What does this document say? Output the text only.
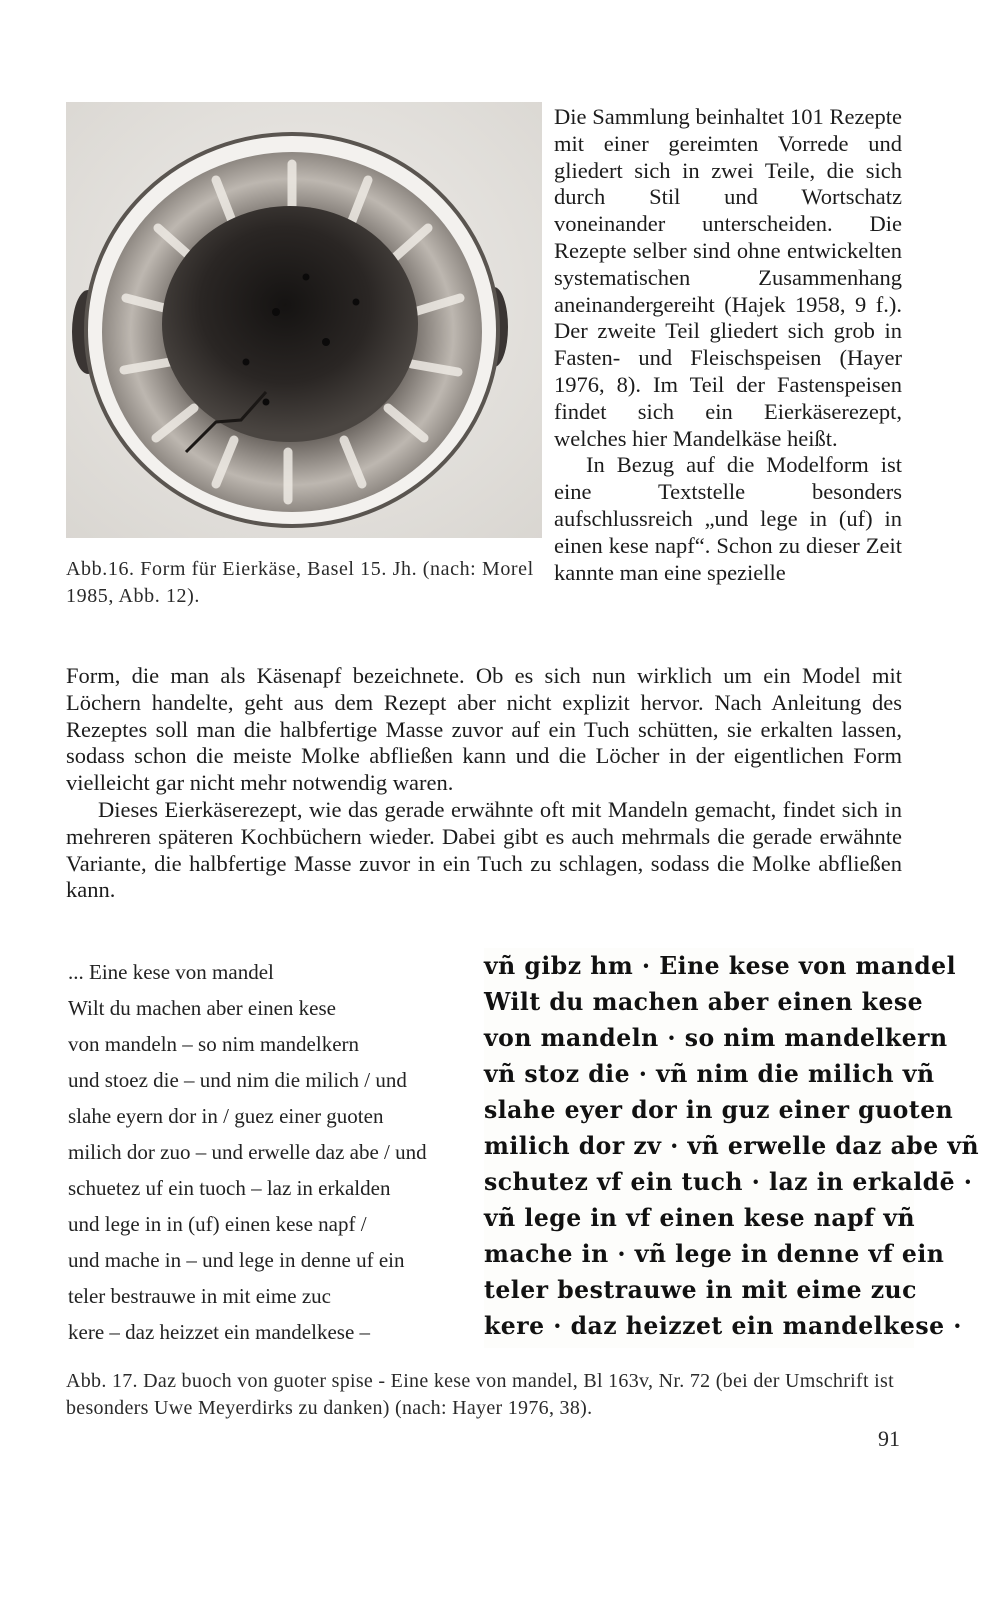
Abb.16. Form für Eierkäse, Basel 15. Jh. (nach: Morel 1985, Abb. 12).

Die Sammlung beinhaltet 101 Rezepte mit einer gereimten Vorrede und gliedert sich in zwei Teile, die sich durch Stil und Wortschatz voneinander unterscheiden. Die Rezepte selber sind ohne entwickelten systematischen Zusammenhang aneinandergereiht (Hajek 1958, 9 f.). Der zweite Teil gliedert sich grob in Fasten- und Fleischspeisen (Hayer 1976, 8). Im Teil der Fastenspeisen findet sich ein Eierkäserezept, welches hier Mandelkäse heißt.

In Bezug auf die Modelform ist eine Textstelle besonders aufschlussreich „und lege in (uf) in einen kese napf“. Schon zu dieser Zeit kannte man eine spezielle

Form, die man als Käsenapf bezeichnete. Ob es sich nun wirklich um ein Model mit Löchern handelte, geht aus dem Rezept aber nicht explizit hervor. Nach Anleitung des Rezeptes soll man die halbfertige Masse zuvor auf ein Tuch schütten, sie erkalten lassen, sodass schon die meiste Molke abfließen kann und die Löcher in der eigentlichen Form vielleicht gar nicht mehr notwendig waren.

Dieses Eierkäserezept, wie das gerade erwähnte oft mit Mandeln gemacht, findet sich in mehreren späteren Kochbüchern wieder. Dabei gibt es auch mehrmals die gerade erwähnte Variante, die halbfertige Masse zuvor in ein Tuch zu schlagen, sodass die Molke abfließen kann.

... Eine kese von mandel
Wilt du machen aber einen kese
von mandeln – so nim mandelkern
und stoez die – und nim die milich / und
slahe eyern dor in / guez einer guoten
milich dor zuo – und erwelle daz abe / und
schuetez uf ein tuoch – laz in erkalden
und lege in in (uf) einen kese napf /
und mache in – und lege in denne uf ein
teler bestrauwe in mit eime zuc
kere – daz heizzet ein mandelkese –
vñ gibz hm · Eine kese von mandel
Wilt du machen aber einen kese
von mandeln · so nim mandelkern
vñ stoz die · vñ nim die milich vñ
slahe eyer dor in guz einer guoten
milich dor zv · vñ erwelle daz abe vñ
schutez vf ein tuch · laz in erkaldē ·
vñ lege in vf einen kese napf vñ
mache in · vñ lege in denne vf ein
teler bestrauwe in mit eime zuc
kere · daz heizzet ein mandelkese ·
Abb. 17. Daz buoch von guoter spise - Eine kese von mandel, Bl 163v, Nr. 72 (bei der Umschrift ist besonders Uwe Meyerdirks zu danken) (nach: Hayer 1976, 38).
91
